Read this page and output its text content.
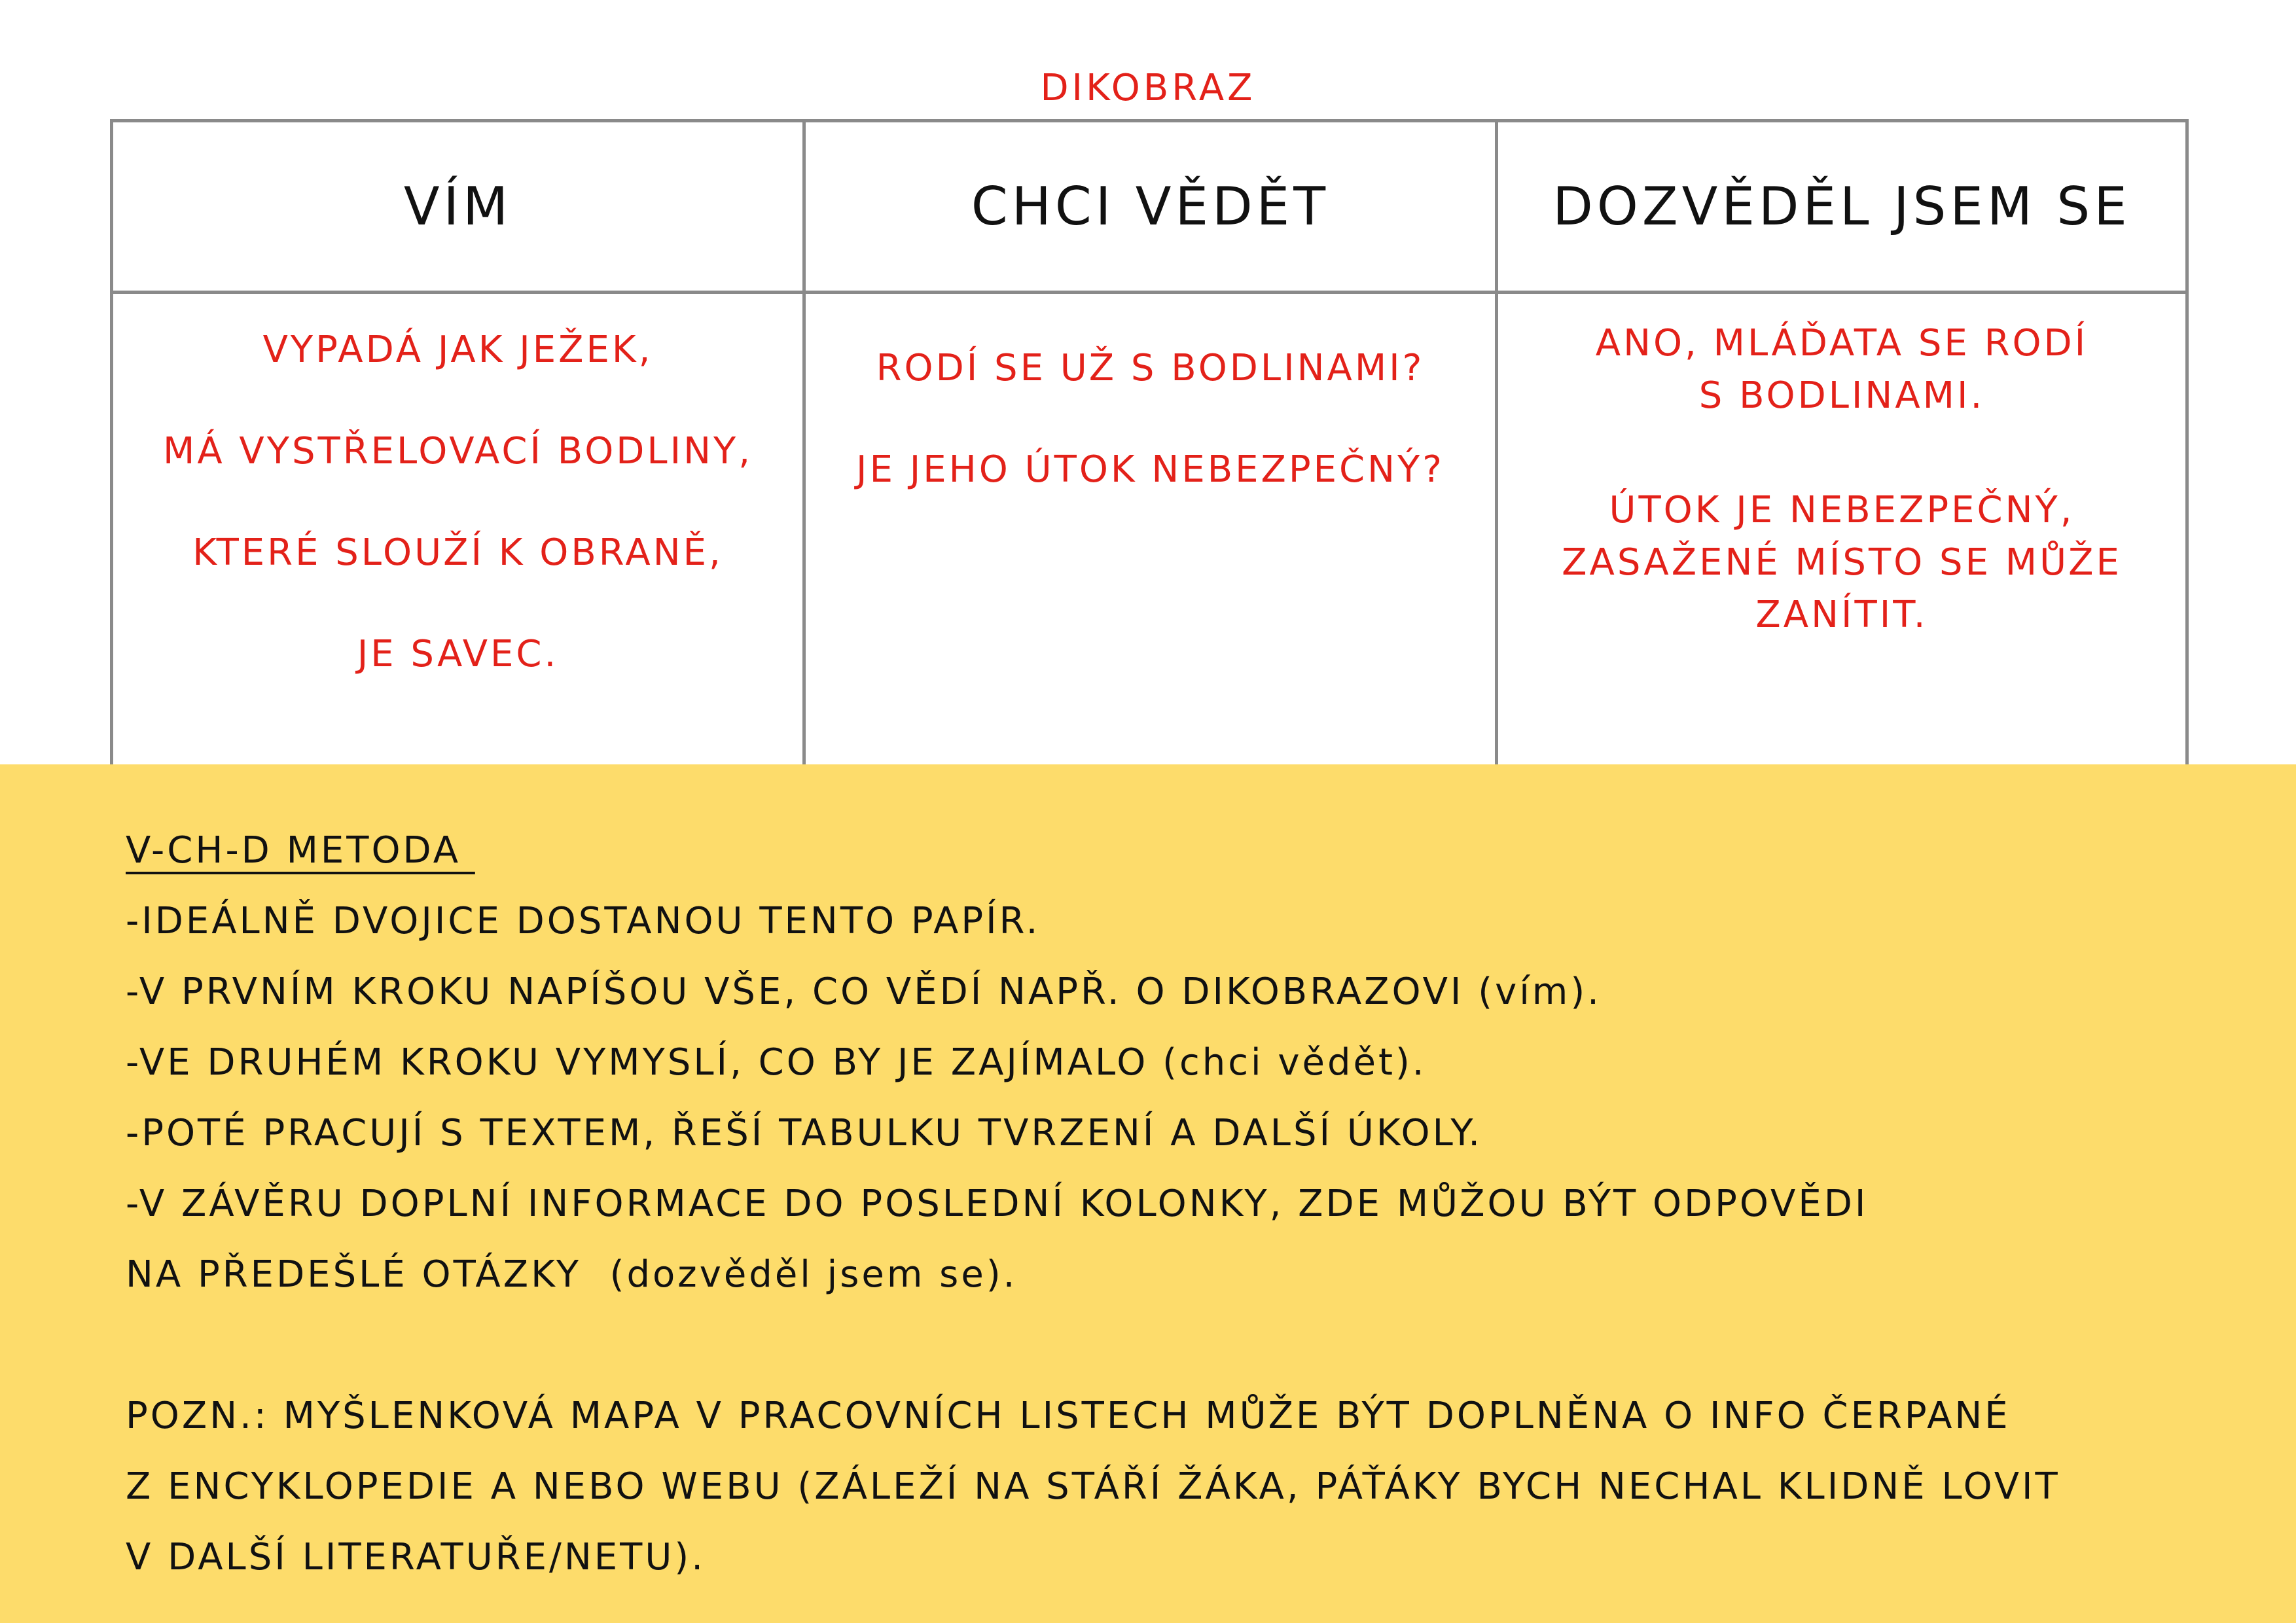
DIKOBRAZ
VÍM	CHCI VĚDĚT	DOZVĚDĚL JSEM SE
VYPADÁ JAK JEŽEK,
MÁ VYSTŘELOVACÍ BODLINY,
KTERÉ SLOUŽÍ K OBRANĚ,
JE SAVEC.
RODÍ SE UŽ S BODLINAMI?
JE JEHO ÚTOK NEBEZPEČNÝ?
ANO, MLÁĎATA SE RODÍ
S BODLINAMI.
ÚTOK JE NEBEZPEČNÝ,
ZASAŽENÉ MÍSTO SE MŮŽE
ZANÍTIT.
V-CH-D METODA
-IDEÁLNĚ DVOJICE DOSTANOU TENTO PAPÍR.
-V PRVNÍM KROKU NAPÍŠOU VŠE, CO VĚDÍ NAPŘ. O DIKOBRAZOVI (vím).
-VE DRUHÉM KROKU VYMYSLÍ, CO BY JE ZAJÍMALO (chci vědět).
-POTÉ PRACUJÍ S TEXTEM, ŘEŠÍ TABULKU TVRZENÍ A DALŠÍ ÚKOLY.
-V ZÁVĚRU DOPLNÍ INFORMACE DO POSLEDNÍ KOLONKY, ZDE MŮŽOU BÝT ODPOVĚDI
NA PŘEDEŠLÉ OTÁZKY  (dozvěděl jsem se).
POZN.: MYŠLENKOVÁ MAPA V PRACOVNÍCH LISTECH MŮŽE BÝT DOPLNĚNA O INFO ČERPANÉ
Z ENCYKLOPEDIE A NEBO WEBU (ZÁLEŽÍ NA STÁŘÍ ŽÁKA, PÁŤÁKY BYCH NECHAL KLIDNĚ LOVIT
V DALŠÍ LITERATUŘE/NETU).
